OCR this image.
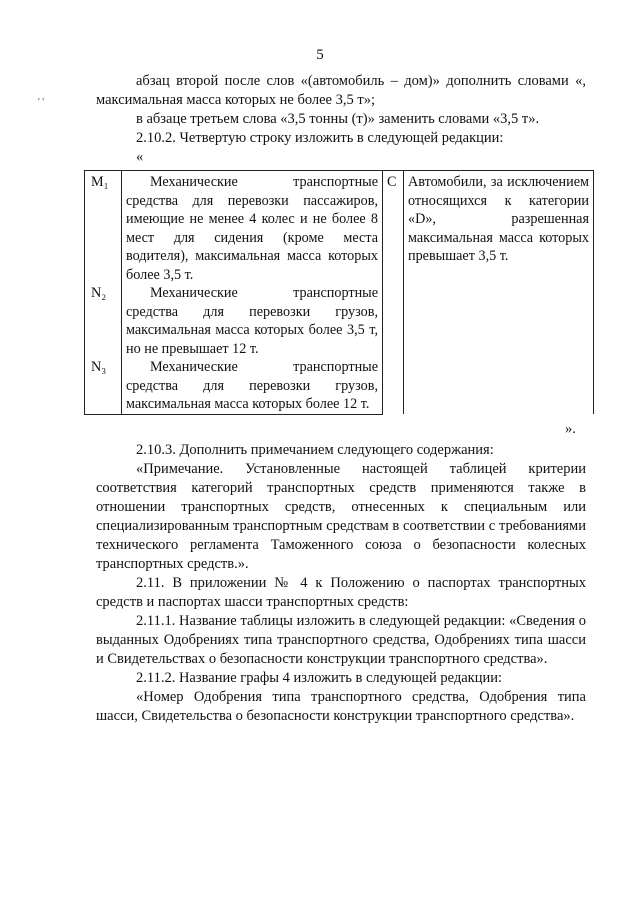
5
' '

абзац второй после слов «(автомобиль – дом)» дополнить словами «, максимальная масса которых не более 3,5 т»;

в абзаце третьем слова «3,5 тонны (т)» заменить словами «3,5 т».

2.10.2. Четвертую строку изложить в следующей редакции:

«

M₁	Механические транспортные средства для перевозки пассажиров, имеющие не менее 4 колес и не более 8 мест для сидения (кроме места водителя), максимальная масса которых более 3,5 т.	C	Автомобили, за исключением относящихся к категории «D», разрешенная максимальная масса которых превышает 3,5 т.
N₂	Механические транспортные средства для перевозки грузов, максимальная масса которых более 3,5 т, но не превышает 12 т.		

N₃	Механические транспортные средства для перевозки грузов, максимальная масса которых более 12 т.		
».

2.10.3. Дополнить примечанием следующего содержания:

«Примечание. Установленные настоящей таблицей критерии соответствия категорий транспортных средств применяются также в отношении транспортных средств, отнесенных к специальным или специализированным транспортным средствам в соответствии с требованиями технического регламента Таможенного союза о безопасности колесных транспортных средств.».

2.11. В приложении № 4 к Положению о паспортах транспортных средств и паспортах шасси транспортных средств:

2.11.1. Название таблицы изложить в следующей редакции: «Сведения о выданных Одобрениях типа транспортного средства, Одобрениях типа шасси и Свидетельствах о безопасности конструкции транспортного средства».

2.11.2. Название графы 4 изложить в следующей редакции:

«Номер Одобрения типа транспортного средства, Одобрения типа шасси, Свидетельства о безопасности конструкции транспортного средства».
